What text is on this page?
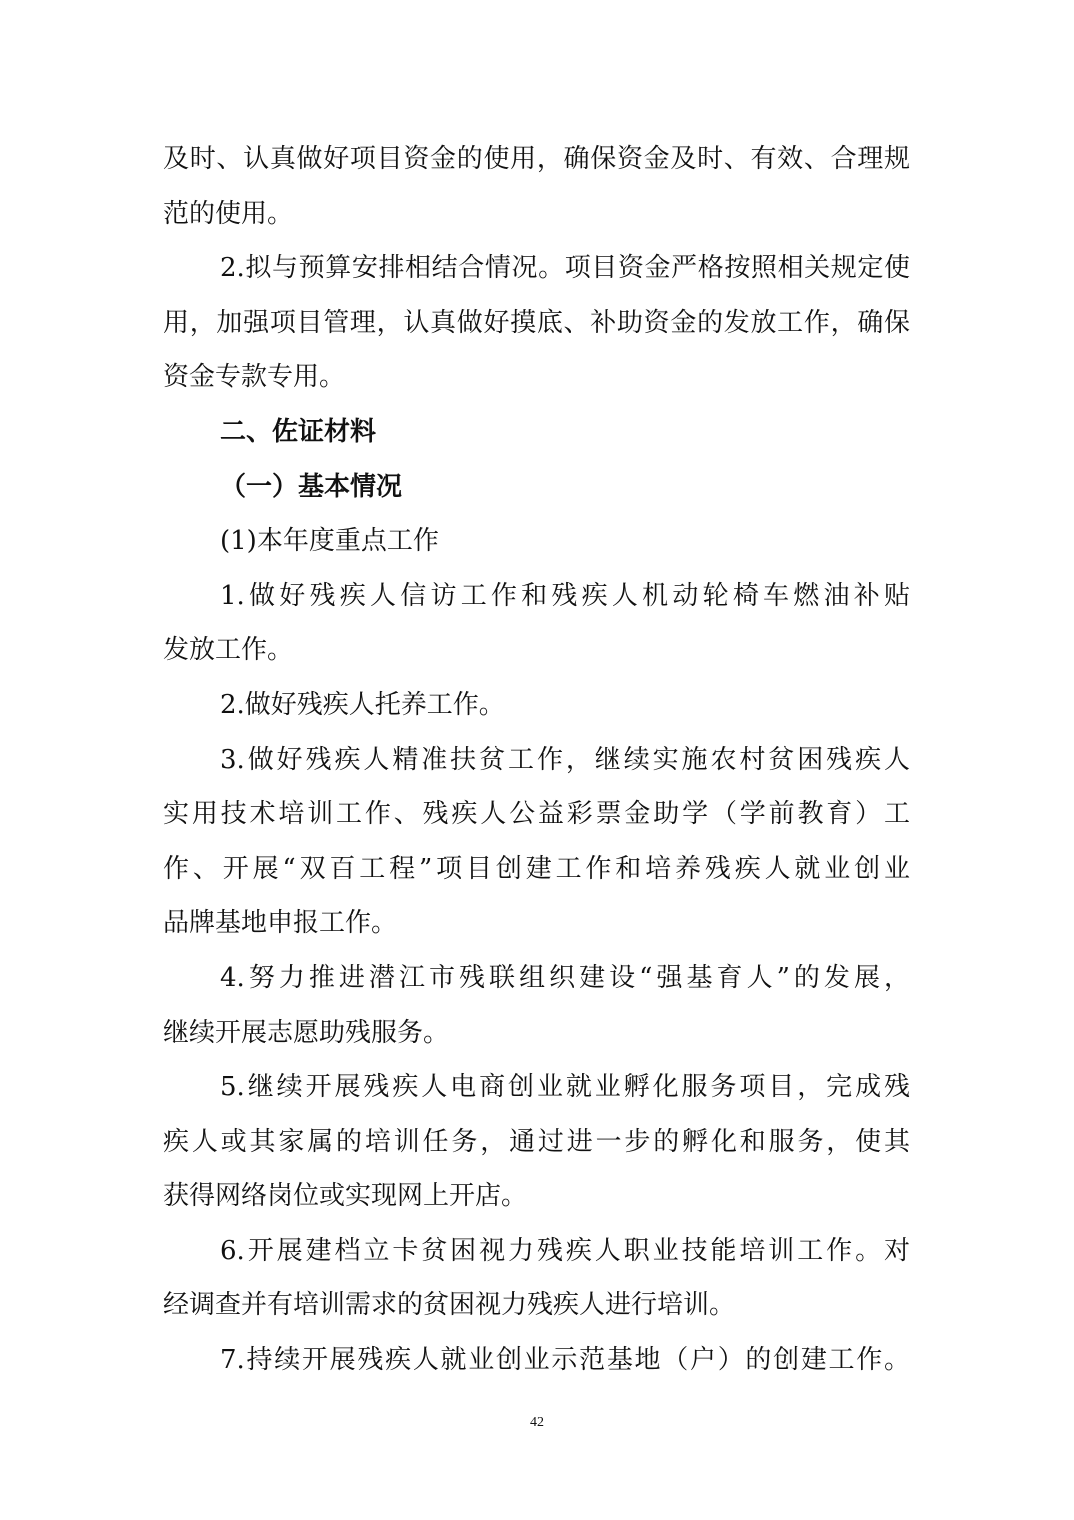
及时、认真做好项目资金的使用，确保资金及时、有效、合理规
范的使用。
2.拟与预算安排相结合情况。项目资金严格按照相关规定使
用，加强项目管理，认真做好摸底、补助资金的发放工作，确保
资金专款专用。
二、佐证材料
（一）基本情况
(1)本年度重点工作
1.做好残疾人信访工作和残疾人机动轮椅车燃油补贴
发放工作。
2.做好残疾人托养工作。
3.做好残疾人精准扶贫工作，继续实施农村贫困残疾人
实用技术培训工作、残疾人公益彩票金助学（学前教育）工
作、开展“双百工程”项目创建工作和培养残疾人就业创业
品牌基地申报工作。
4.努力推进潜江市残联组织建设“强基育人”的发展，
继续开展志愿助残服务。
5.继续开展残疾人电商创业就业孵化服务项目，完成残
疾人或其家属的培训任务，通过进一步的孵化和服务，使其
获得网络岗位或实现网上开店。
6.开展建档立卡贫困视力残疾人职业技能培训工作。对
经调查并有培训需求的贫困视力残疾人进行培训。
7.持续开展残疾人就业创业示范基地（户）的创建工作。
42
